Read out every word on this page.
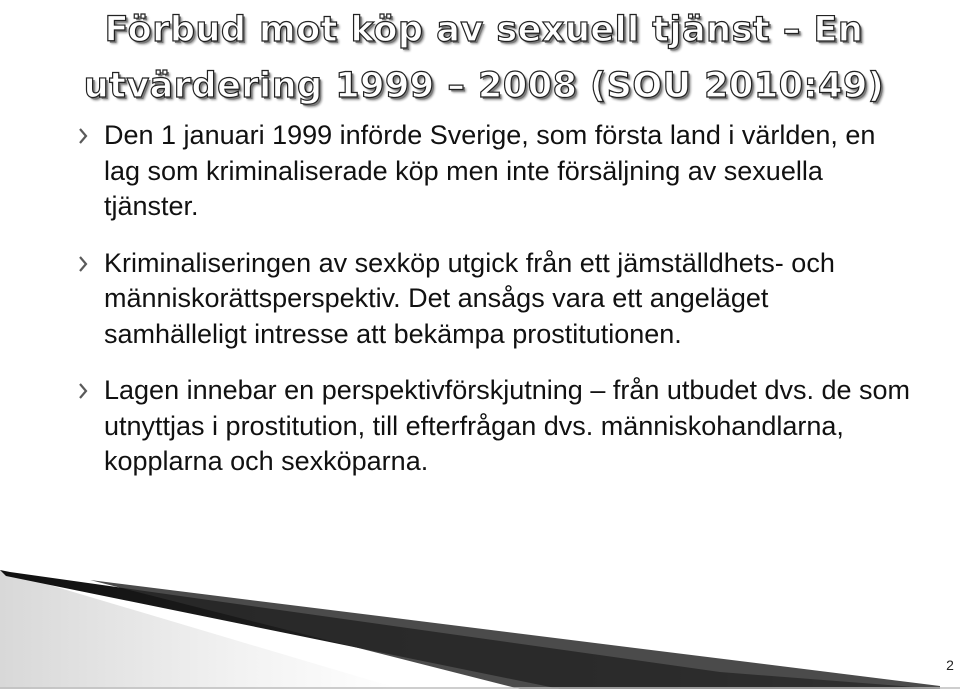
Förbud mot köp av sexuell tjänst – En utvärdering 1999 – 2008 (SOU 2010:49)
Den 1 januari 1999 införde Sverige, som första land i världen, en lag som kriminaliserade köp men inte försäljning av sexuella tjänster.
Kriminaliseringen av sexköp utgick från ett jämställdhets- och människorättsperspektiv. Det ansågs vara ett angeläget samhälleligt intresse att bekämpa prostitutionen.
Lagen innebar en perspektivförskjutning – från utbudet dvs. de som utnyttjas i prostitution, till efterfrågan dvs. människohandlarna, kopplarna och sexköparna.
2
